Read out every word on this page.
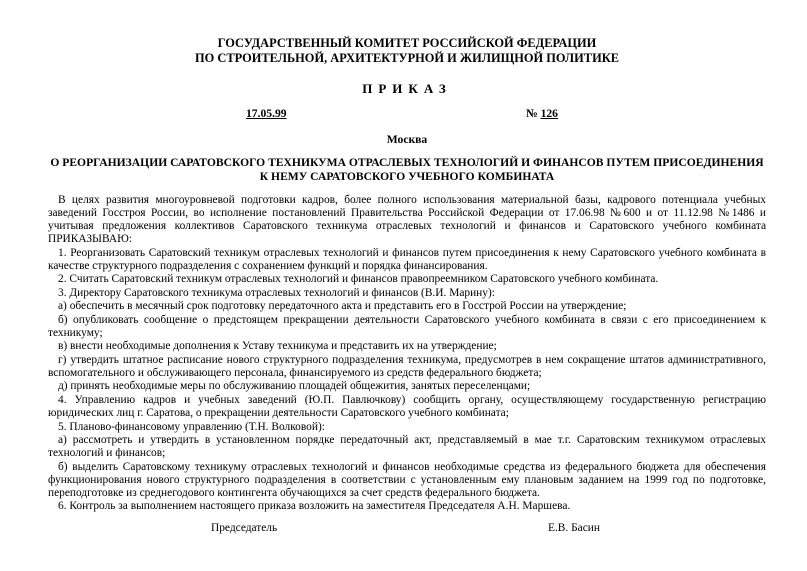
ГОСУДАРСТВЕННЫЙ КОМИТЕТ РОССИЙСКОЙ ФЕДЕРАЦИИ
ПО СТРОИТЕЛЬНОЙ, АРХИТЕКТУРНОЙ И ЖИЛИЩНОЙ ПОЛИТИКЕ
ПРИКАЗ
17.05.99	№ 126
Москва
О РЕОРГАНИЗАЦИИ САРАТОВСКОГО ТЕХНИКУМА ОТРАСЛЕВЫХ ТЕХНОЛОГИЙ И ФИНАНСОВ ПУТЕМ ПРИСОЕДИНЕНИЯ К НЕМУ САРАТОВСКОГО УЧЕБНОГО КОМБИНАТА

В целях развития многоуровневой подготовки кадров, более полного использования материальной базы, кадрового потенциала учебных заведений Госстроя России, во исполнение постановлений Правительства Российской Федерации от 17.06.98 №600 и от 11.12.98 №1486 и учитывая предложения коллективов Саратовского техникума отраслевых технологий и финансов и Саратовского учебного комбината ПРИКАЗЫВАЮ:

1. Реорганизовать Саратовский техникум отраслевых технологий и финансов путем присоединения к нему Саратовского учебного комбината в качестве структурного подразделения с сохранением функций и порядка финансирования.

2. Считать Саратовский техникум отраслевых технологий и финансов правопреемником Саратовского учебного комбината.

3. Директору Саратовского техникума отраслевых технологий и финансов (В.И. Марину):

а) обеспечить в месячный срок подготовку передаточного акта и представить его в Госстрой России на утверждение;

б) опубликовать сообщение о предстоящем прекращении деятельности Саратовского учебного комбината в связи с его присоединением к техникуму;

в) внести необходимые дополнения к Уставу техникума и представить их на утверждение;

г) утвердить штатное расписание нового структурного подразделения техникума, предусмотрев в нем сокращение штатов административного, вспомогательного и обслуживающего персонала, финансируемого из средств федерального бюджета;

д) принять необходимые меры по обслуживанию площадей общежития, занятых переселенцами;

4. Управлению кадров и учебных заведений (Ю.П. Павлючкову) сообщить органу, осуществляющему государственную регистрацию юридических лиц г. Саратова, о прекращении деятельности Саратовского учебного комбината;

5. Планово-финансовому управлению (Т.Н. Волковой):

а) рассмотреть и утвердить в установленном порядке передаточный акт, представляемый в мае т.г. Саратовским техникумом отраслевых технологий и финансов;

б) выделить Саратовскому техникуму отраслевых технологий и финансов необходимые средства из федерального бюджета для обеспечения функционирования нового структурного подразделения в соответствии с установленным ему плановым заданием на 1999 год по подготовке, переподготовке из среднегодового контингента обучающихся за счет средств федерального бюджета.

6. Контроль за выполнением настоящего приказа возложить на заместителя Председателя А.Н. Маршева.

Председатель	Е.В. Басин
